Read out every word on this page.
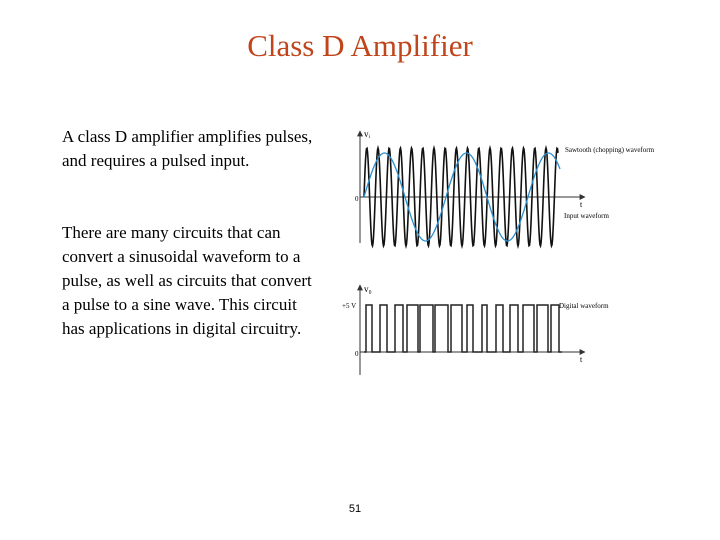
Class D Amplifier
A class D amplifier amplifies pulses, and requires a pulsed input.
There are many circuits that can convert a sinusoidal waveform to a pulse, as well as circuits that convert a pulse to a sine wave. This circuit has applications in digital circuitry.
vᵢ
t
0
Sawtooth (chopping) waveform
Input waveform
v₀
t
+5 V
0
Digital waveform
51
